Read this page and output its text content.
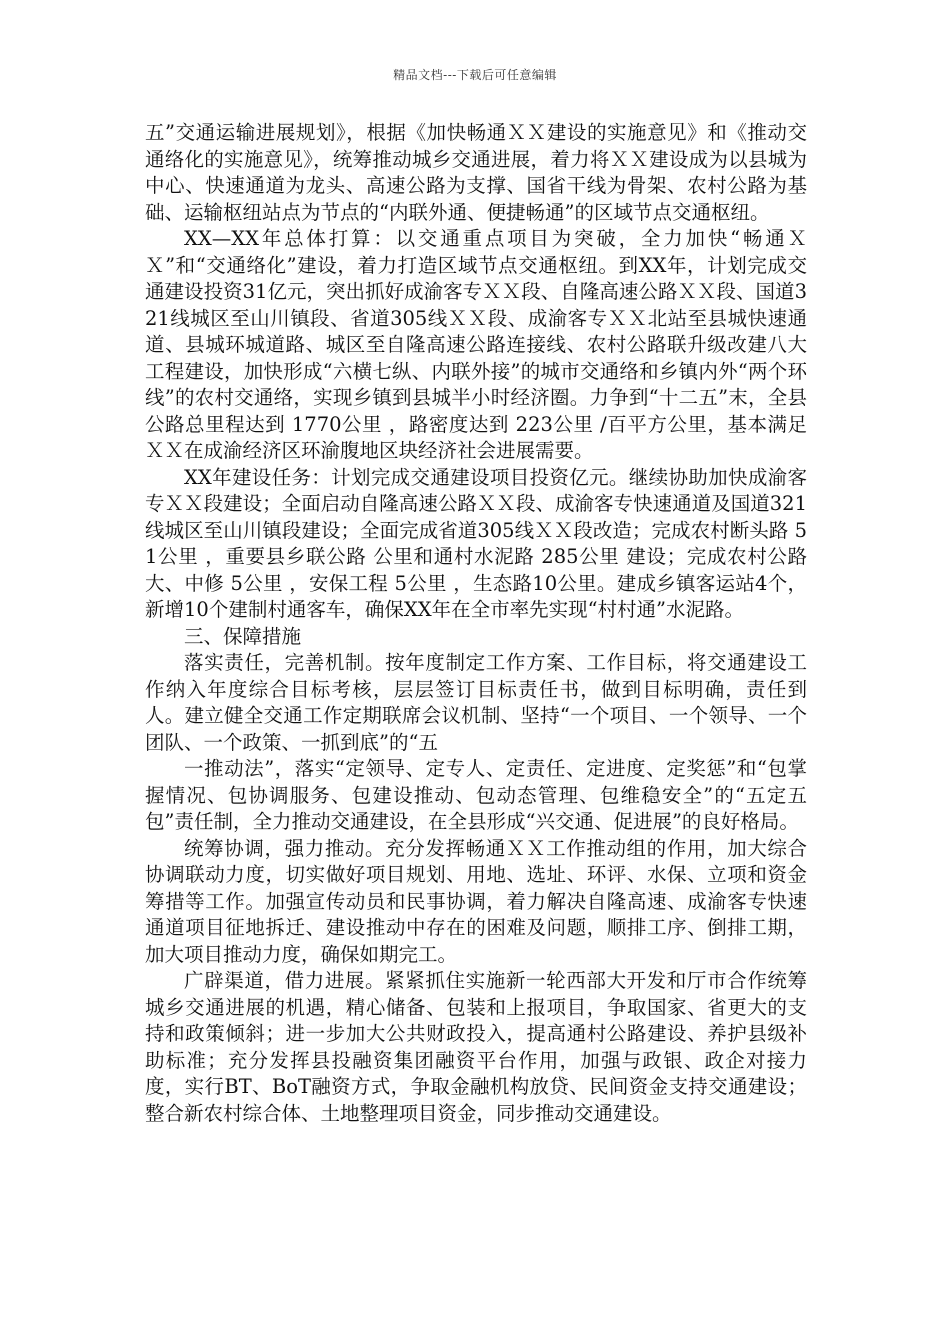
精品文档---下载后可任意编辑

五”交通运输进展规划》，根据《加快畅通ＸＸ建设的实施意见》和《推动交通络化的实施意见》，统筹推动城乡交通进展，着力将ＸＸ建设成为以县城为中心、快速通道为龙头、高速公路为支撑、国省干线为骨架、农村公路为基础、运输枢纽站点为节点的“内联外通、便捷畅通”的区域节点交通枢纽。

XX—XX年总体打算：以交通重点项目为突破，全力加快“畅通ＸＸ”和“交通络化”建设，着力打造区域节点交通枢纽。到XX年，计划完成交通建设投资31亿元，突出抓好成渝客专ＸＸ段、自隆高速公路ＸＸ段、国道321线城区至山川镇段、省道305线ＸＸ段、成渝客专ＸＸ北站至县城快速通道、县城环城道路、城区至自隆高速公路连接线、农村公路联升级改建八大工程建设，加快形成“六横七纵、内联外接”的城市交通络和乡镇内外“两个环线”的农村交通络，实现乡镇到县城半小时经济圈。力争到“十二五”末，全县公路总里程达到 1770公里 ，路密度达到 223公里 /百平方公里，基本满足ＸＸ在成渝经济区环渝腹地区块经济社会进展需要。

XX年建设任务：计划完成交通建设项目投资亿元。继续协助加快成渝客专ＸＸ段建设；全面启动自隆高速公路ＸＸ段、成渝客专快速通道及国道321线城区至山川镇段建设；全面完成省道305线ＸＸ段改造；完成农村断头路 51公里 ，重要县乡联公路 公里和通村水泥路 285公里 建设；完成农村公路大、中修 5公里 ，安保工程 5公里 ，生态路10公里。建成乡镇客运站4个，新增10个建制村通客车，确保XX年在全市率先实现“村村通”水泥路。

三、保障措施

落实责任，完善机制。按年度制定工作方案、工作目标，将交通建设工作纳入年度综合目标考核，层层签订目标责任书，做到目标明确，责任到人。建立健全交通工作定期联席会议机制、坚持“一个项目、一个领导、一个团队、一个政策、一抓到底”的“五

一推动法”，落实“定领导、定专人、定责任、定进度、定奖惩”和“包掌握情况、包协调服务、包建设推动、包动态管理、包维稳安全”的“五定五包”责任制，全力推动交通建设，在全县形成“兴交通、促进展”的良好格局。

统筹协调，强力推动。充分发挥畅通ＸＸ工作推动组的作用，加大综合协调联动力度，切实做好项目规划、用地、选址、环评、水保、立项和资金筹措等工作。加强宣传动员和民事协调，着力解决自隆高速、成渝客专快速通道项目征地拆迁、建设推动中存在的困难及问题，顺排工序、倒排工期，加大项目推动力度，确保如期完工。

广辟渠道，借力进展。紧紧抓住实施新一轮西部大开发和厅市合作统筹城乡交通进展的机遇，精心储备、包装和上报项目，争取国家、省更大的支持和政策倾斜；进一步加大公共财政投入，提高通村公路建设、养护县级补助标准；充分发挥县投融资集团融资平台作用，加强与政银、政企对接力度，实行BT、BoT融资方式，争取金融机构放贷、民间资金支持交通建设；整合新农村综合体、土地整理项目资金，同步推动交通建设。
